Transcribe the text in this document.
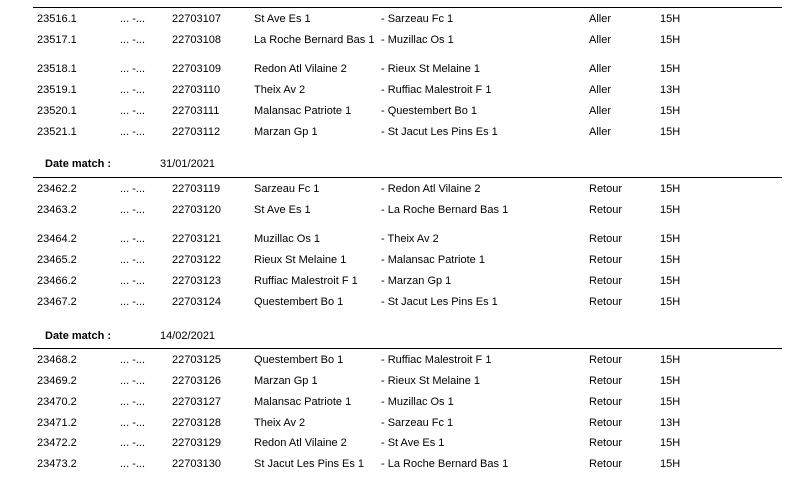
23516.1	... -... 22703107	St Ave Es 1	- Sarzeau Fc 1	Aller	15H
23517.1	... -... 22703108	La Roche Bernard Bas 1 - Muzillac Os 1	Aller	15H
23518.1	... -... 22703109	Redon Atl Vilaine 2	- Rieux St Melaine 1	Aller	15H
23519.1	... -... 22703110	Theix Av 2	- Ruffiac Malestroit F 1	Aller	13H
23520.1	... -... 22703111	Malansac Patriote 1	- Questembert Bo 1	Aller	15H
23521.1	... -... 22703112	Marzan Gp 1	- St Jacut Les Pins Es 1	Aller	15H
Date match :	31/01/2021
23462.2	... -... 22703119	Sarzeau Fc 1	- Redon Atl Vilaine 2	Retour	15H
23463.2	... -... 22703120	St Ave Es 1	- La Roche Bernard Bas 1	Retour	15H
23464.2	... -... 22703121	Muzillac Os 1	- Theix Av 2	Retour	15H
23465.2	... -... 22703122	Rieux St Melaine 1	- Malansac Patriote 1	Retour	15H
23466.2	... -... 22703123	Ruffiac Malestroit F 1	- Marzan Gp 1	Retour	15H
23467.2	... -... 22703124	Questembert Bo 1	- St Jacut Les Pins Es 1	Retour	15H
Date match :	14/02/2021
23468.2	... -... 22703125	Questembert Bo 1	- Ruffiac Malestroit F 1	Retour	15H
23469.2	... -... 22703126	Marzan Gp 1	- Rieux St Melaine 1	Retour	15H
23470.2	... -... 22703127	Malansac Patriote 1	- Muzillac Os 1	Retour	15H
23471.2	... -... 22703128	Theix Av 2	- Sarzeau Fc 1	Retour	13H
23472.2	... -... 22703129	Redon Atl Vilaine 2	- St Ave Es 1	Retour	15H
23473.2	... -... 22703130	St Jacut Les Pins Es 1	- La Roche Bernard Bas 1	Retour	15H
